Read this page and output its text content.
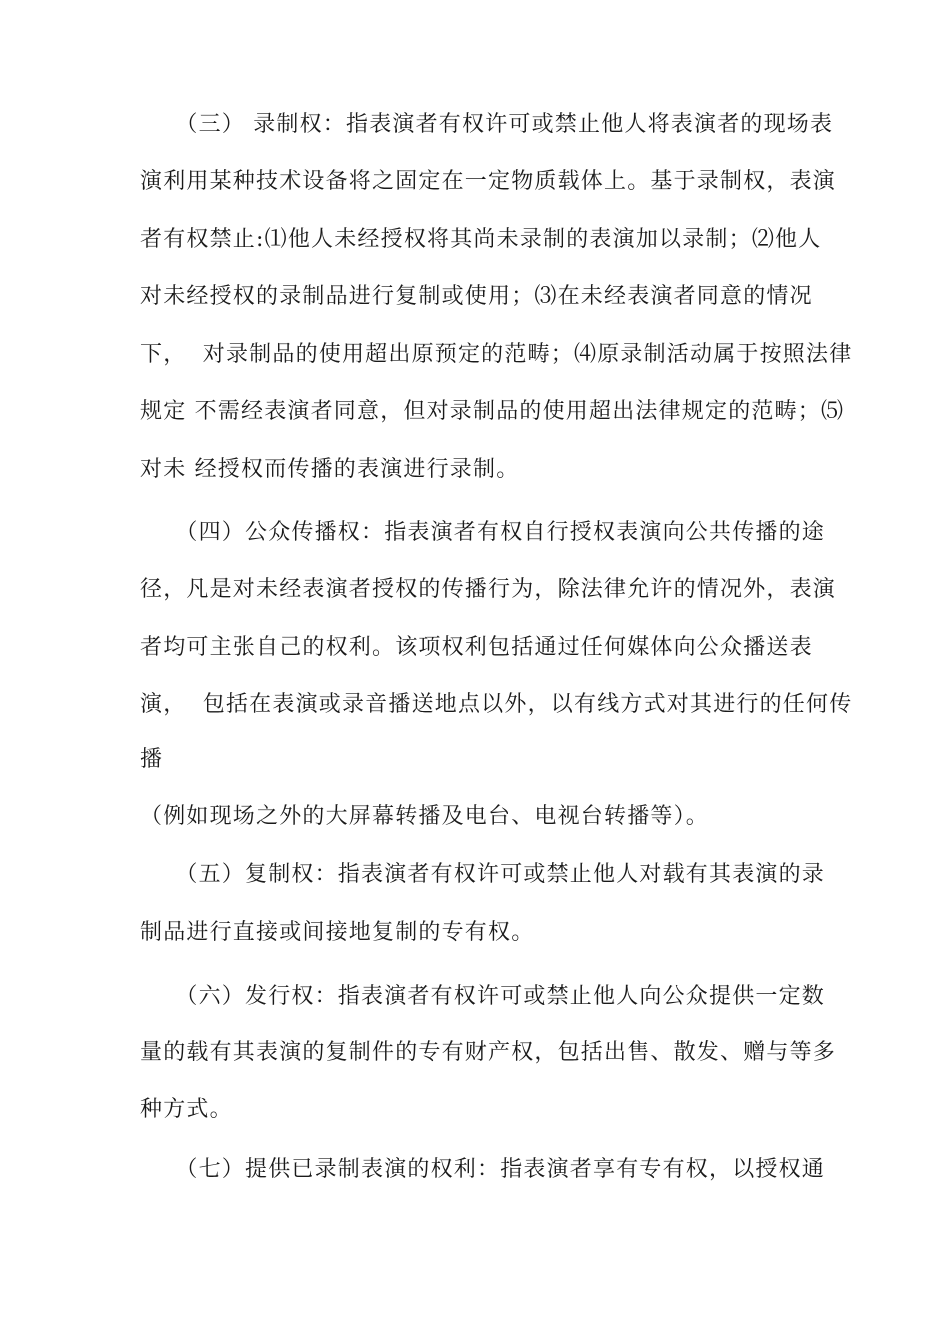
　　（三） 录制权：指表演者有权许可或禁止他人将表演者的现场表
演利用某种技术设备将之固定在一定物质载体上。基于录制权，表演
者有权禁止:⑴他人未经授权将其尚未录制的表演加以录制；⑵他人
对未经授权的录制品进行复制或使用；⑶在未经表演者同意的情况
下，  对录制品的使用超出原预定的范畴；⑷原录制活动属于按照法律
规定 不需经表演者同意，但对录制品的使用超出法律规定的范畴；⑸
对未 经授权而传播的表演进行录制。
　　（四）公众传播权：指表演者有权自行授权表演向公共传播的途
径，凡是对未经表演者授权的传播行为，除法律允许的情况外，表演
者均可主张自己的权利。该项权利包括通过任何媒体向公众播送表
演，  包括在表演或录音播送地点以外，以有线方式对其进行的任何传
播
（例如现场之外的大屏幕转播及电台、电视台转播等）。
　　（五）复制权：指表演者有权许可或禁止他人对载有其表演的录
制品进行直接或间接地复制的专有权。
　　（六）发行权：指表演者有权许可或禁止他人向公众提供一定数
量的载有其表演的复制件的专有财产权，包括出售、散发、赠与等多
种方式。
　　（七）提供已录制表演的权利：指表演者享有专有权，以授权通
